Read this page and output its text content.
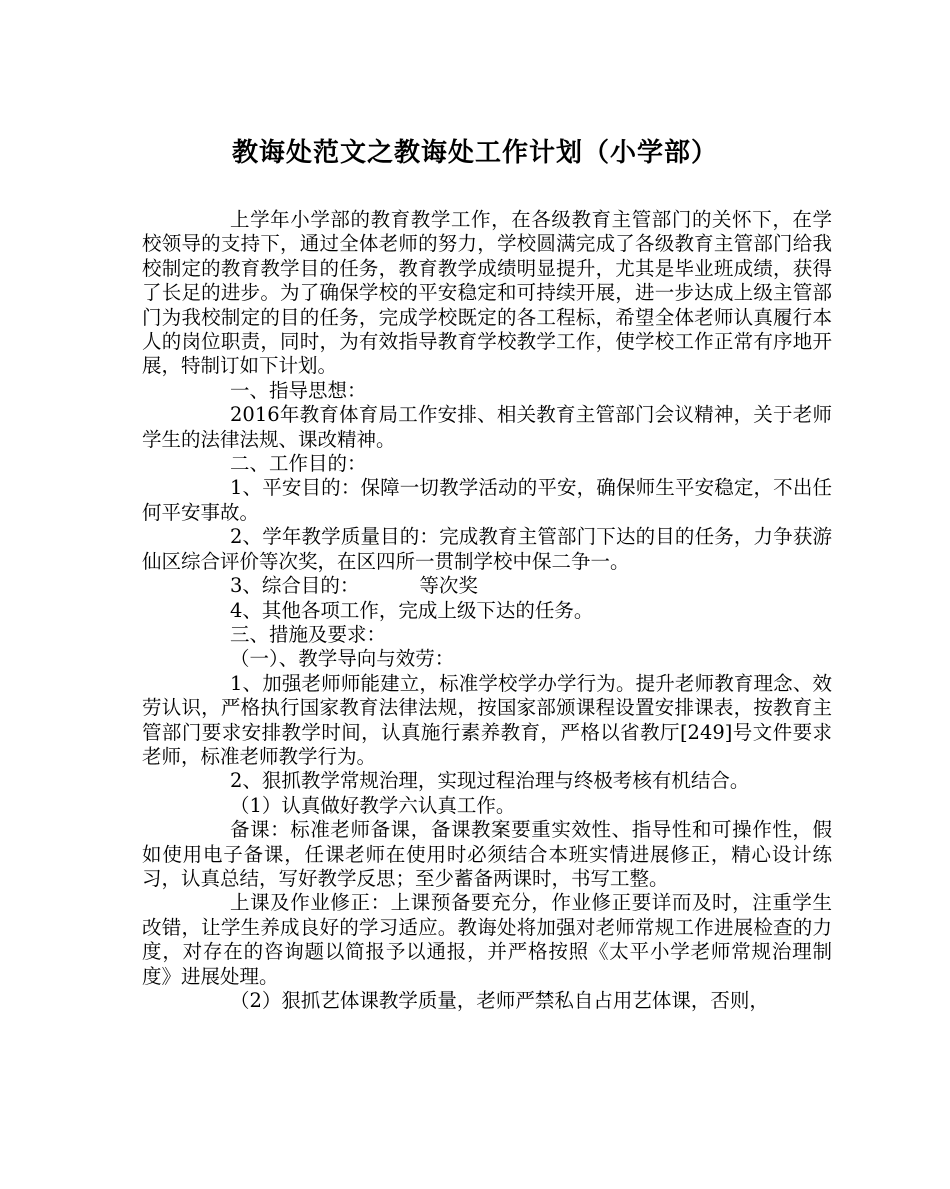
教诲处范文之教诲处工作计划（小学部）

上学年小学部的教育教学工作，在各级教育主管部门的关怀下，在学校领导的支持下，通过全体老师的努力，学校圆满完成了各级教育主管部门给我校制定的教育教学目的任务，教育教学成绩明显提升，尤其是毕业班成绩，获得了长足的进步。为了确保学校的平安稳定和可持续开展，进一步达成上级主管部门为我校制定的目的任务，完成学校既定的各工程标，希望全体老师认真履行本人的岗位职责，同时，为有效指导教育学校教学工作，使学校工作正常有序地开展，特制订如下计划。

一、指导思想：

2016年教育体育局工作安排、相关教育主管部门会议精神，关于老师学生的法律法规、课改精神。

二、工作目的：

1、平安目的：保障一切教学活动的平安，确保师生平安稳定，不出任何平安事故。

2、学年教学质量目的：完成教育主管部门下达的目的任务，力争获游仙区综合评价等次奖，在区四所一贯制学校中保二争一。

3、综合目的：	等次奖

4、其他各项工作，完成上级下达的任务。

三、措施及要求：

（一）、教学导向与效劳：

1、加强老师师能建立，标准学校学办学行为。提升老师教育理念、效劳认识，严格执行国家教育法律法规，按国家部颁课程设置安排课表，按教育主管部门要求安排教学时间，认真施行素养教育，严格以省教厅[249]号文件要求老师，标准老师教学行为。

2、狠抓教学常规治理，实现过程治理与终极考核有机结合。

（1）认真做好教学六认真工作。

备课：标准老师备课，备课教案要重实效性、指导性和可操作性，假如使用电子备课，任课老师在使用时必须结合本班实情进展修正，精心设计练习，认真总结，写好教学反思；至少蓄备两课时，书写工整。

上课及作业修正：上课预备要充分，作业修正要详而及时，注重学生改错，让学生养成良好的学习适应。教诲处将加强对老师常规工作进展检查的力度，对存在的咨询题以简报予以通报，并严格按照《太平小学老师常规治理制度》进展处理。

（2）狠抓艺体课教学质量，老师严禁私自占用艺体课，否则，
